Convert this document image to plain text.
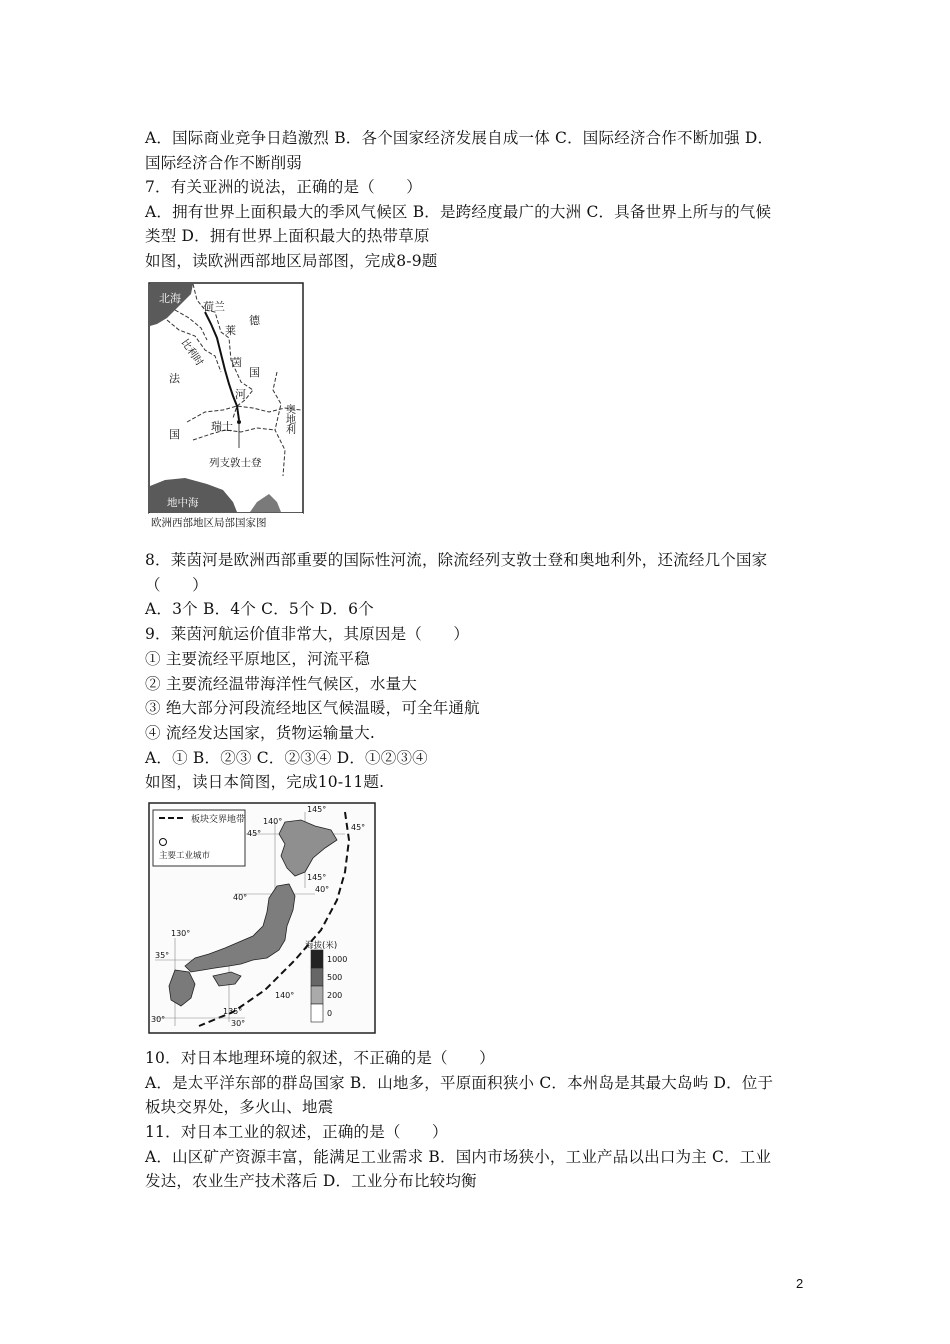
A．国际商业竞争日趋激烈 B．各个国家经济发展自成一体 C．国际经济合作不断加强 D．
国际经济合作不断削弱
7．有关亚洲的说法，正确的是（　　）
A．拥有世界上面积最大的季风气候区 B．是跨经度最广的大洲 C．具备世界上所与的气候
类型 D．拥有世界上面积最大的热带草原
如图，读欧洲西部地区局部图，完成8-9题
北海
荷兰
比利时
德
国
莱
茵
河
法
国
瑞士
列支敦士登
奥地利
地中海
欧洲西部地区局部国家图
8．莱茵河是欧洲西部重要的国际性河流，除流经列支敦士登和奥地利外，还流经几个国家
（　　）
A．3个 B．4个 C．5个 D．6个
9．莱茵河航运价值非常大，其原因是（　　）
① 主要流经平原地区，河流平稳
② 主要流经温带海洋性气候区，水量大
③ 绝大部分河段流经地区气候温暖，可全年通航
④ 流经发达国家，货物运输量大.
A．① B．②③ C．②③④ D．①②③④
如图，读日本简图，完成10-11题.
板块交界地带
主要工业城市
海拔(米)
1000
500
200
0
145°
140°
45°
45°
145°
40°
40°
130°
35°
140°
135°
30°	30°
10．对日本地理环境的叙述，不正确的是（　　）
A．是太平洋东部的群岛国家 B．山地多，平原面积狭小 C．本州岛是其最大岛屿 D．位于
板块交界处，多火山、地震
11．对日本工业的叙述，正确的是（　　）
A．山区矿产资源丰富，能满足工业需求 B．国内市场狭小，工业产品以出口为主 C．工业
发达，农业生产技术落后 D．工业分布比较均衡
2
